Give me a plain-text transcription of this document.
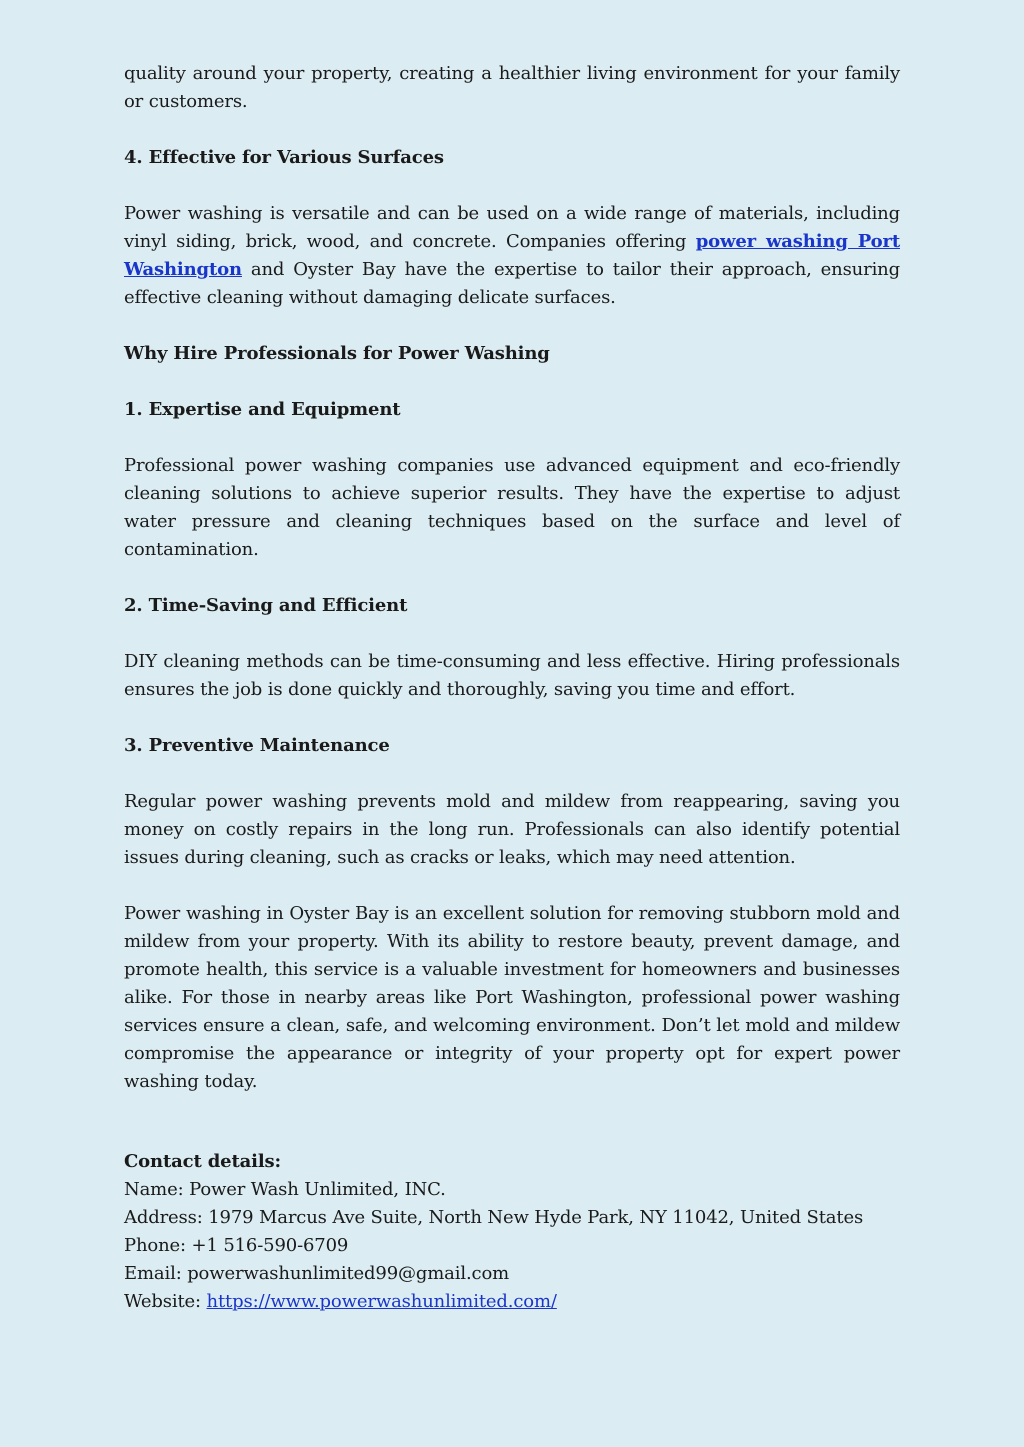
quality around your property, creating a healthier living environment for your family or customers.

4. Effective for Various Surfaces

Power washing is versatile and can be used on a wide range of materials, including vinyl siding, brick, wood, and concrete. Companies offering power washing Port Washington and Oyster Bay have the expertise to tailor their approach, ensuring effective cleaning without damaging delicate surfaces.

Why Hire Professionals for Power Washing
1. Expertise and Equipment

Professional power washing companies use advanced equipment and eco-friendly cleaning solutions to achieve superior results. They have the expertise to adjust water pressure and cleaning techniques based on the surface and level of contamination.

2. Time-Saving and Efficient

DIY cleaning methods can be time-consuming and less effective. Hiring professionals ensures the job is done quickly and thoroughly, saving you time and effort.

3. Preventive Maintenance

Regular power washing prevents mold and mildew from reappearing, saving you money on costly repairs in the long run. Professionals can also identify potential issues during cleaning, such as cracks or leaks, which may need attention.

Power washing in Oyster Bay is an excellent solution for removing stubborn mold and mildew from your property. With its ability to restore beauty, prevent damage, and promote health, this service is a valuable investment for homeowners and businesses alike. For those in nearby areas like Port Washington, professional power washing services ensure a clean, safe, and welcoming environment. Don’t let mold and mildew compromise the appearance or integrity of your property opt for expert power washing today.

Contact details:
Name: Power Wash Unlimited, INC.
Address: 1979 Marcus Ave Suite, North New Hyde Park, NY 11042, United States
Phone: +1 516-590-6709
Email: powerwashunlimited99@gmail.com
Website: https://www.powerwashunlimited.com/
